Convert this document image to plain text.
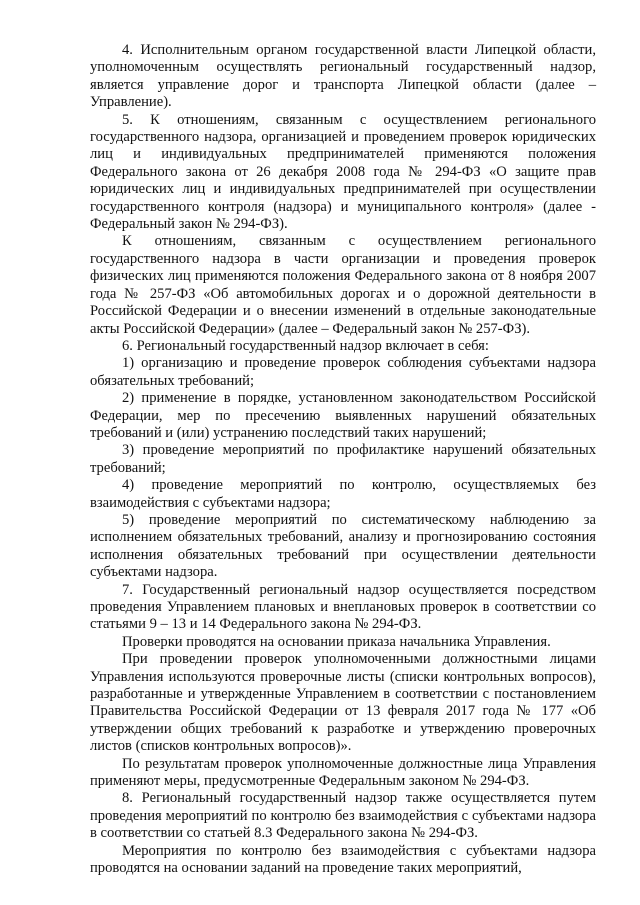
4. Исполнительным органом государственной власти Липецкой области, уполномоченным осуществлять региональный государственный надзор, является управление дорог и транспорта Липецкой области (далее – Управление).

5. К отношениям, связанным с осуществлением регионального государственного надзора, организацией и проведением проверок юридических лиц и индивидуальных предпринимателей применяются положения Федерального закона от 26 декабря 2008 года № 294-ФЗ «О защите прав юридических лиц и индивидуальных предпринимателей при осуществлении государственного контроля (надзора) и муниципального контроля» (далее - Федеральный закон № 294-ФЗ).

К отношениям, связанным с осуществлением регионального государственного надзора в части организации и проведения проверок физических лиц применяются положения Федерального закона от 8 ноября 2007 года № 257-ФЗ «Об автомобильных дорогах и о дорожной деятельности в Российской Федерации и о внесении изменений в отдельные законодательные акты Российской Федерации» (далее – Федеральный закон № 257-ФЗ).

6. Региональный государственный надзор включает в себя:

1) организацию и проведение проверок соблюдения субъектами надзора обязательных требований;

2) применение в порядке, установленном законодательством Российской Федерации, мер по пресечению выявленных нарушений обязательных требований и (или) устранению последствий таких нарушений;

3) проведение мероприятий по профилактике нарушений обязательных требований;

4) проведение мероприятий по контролю, осуществляемых без взаимодействия с субъектами надзора;

5) проведение мероприятий по систематическому наблюдению за исполнением обязательных требований, анализу и прогнозированию состояния исполнения обязательных требований при осуществлении деятельности субъектами надзора.

7. Государственный региональный надзор осуществляется посредством проведения Управлением плановых и внеплановых проверок в соответствии со статьями 9 – 13 и 14 Федерального закона № 294-ФЗ.

Проверки проводятся на основании приказа начальника Управления.

При проведении проверок уполномоченными должностными лицами Управления используются проверочные листы (списки контрольных вопросов), разработанные и утвержденные Управлением в соответствии с постановлением Правительства Российской Федерации от 13 февраля 2017 года № 177 «Об утверждении общих требований к разработке и утверждению проверочных листов (списков контрольных вопросов)».

По результатам проверок уполномоченные должностные лица Управления применяют меры, предусмотренные Федеральным законом № 294-ФЗ.

8. Региональный государственный надзор также осуществляется путем проведения мероприятий по контролю без взаимодействия с субъектами надзора в соответствии со статьей 8.3 Федерального закона № 294-ФЗ.

Мероприятия по контролю без взаимодействия с субъектами надзора проводятся на основании заданий на проведение таких мероприятий,
